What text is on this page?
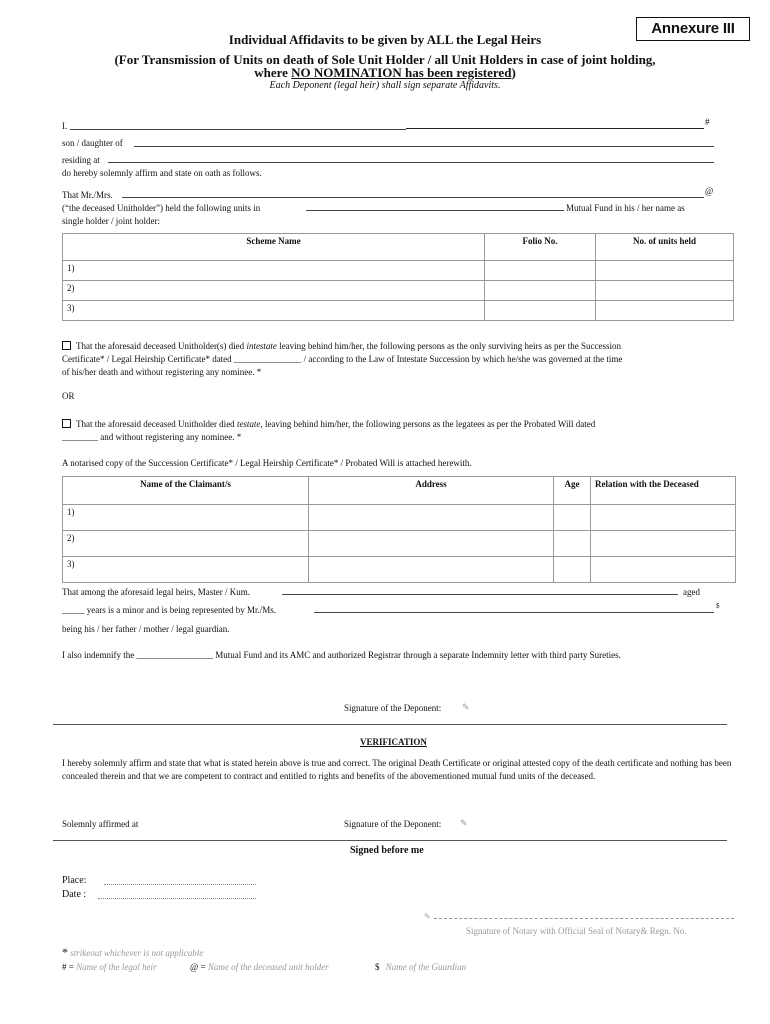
Annexure III
Individual Affidavits to be given by ALL the Legal Heirs
(For Transmission of Units on death of Sole Unit Holder / all Unit Holders in case of joint holding,
where NO NOMINATION has been registered)
Each Deponent (legal heir) shall sign separate Affidavits.
I.	#
son / daughter of
residing at
do hereby solemnly affirm and state on oath as follows.
That Mr./Mrs.	@
(“the deceased Unitholder”) held the following units in	Mutual Fund in his / her name as
single holder / joint holder:
Scheme Name	Folio No.	No. of units held
1)		
2)		
3)		
That the aforesaid deceased Unitholder(s) died intestate leaving behind him/her, the following persons as the only surviving heirs as per the Succession
Certificate* / Legal Heirship Certificate* dated _______________ / according to the Law of Intestate Succession by which he/she was governed at the time
of his/her death and without registering any nominee. *
OR
That the aforesaid deceased Unitholder died testate, leaving behind him/her, the following persons as the legatees as per the Probated Will dated
________ and without registering any nominee. *
A notarised copy of the Succession Certificate* / Legal Heirship Certificate* / Probated Will is attached herewith.
Name of the Claimant/s	Address	Age	Relation with the Deceased
1)			
2)			
3)			
That among the aforesaid legal heirs, Master / Kum.	aged
_____ years is a minor and is being represented by Mr./Ms.	$
being his / her father / mother / legal guardian.
I also indemnify the _________________ Mutual Fund and its AMC and authorized Registrar through a separate Indemnity letter with third party Sureties.
Signature of the Deponent: ✎
VERIFICATION
I hereby solemnly affirm and state that what is stated herein above is true and correct. The original Death Certificate or original attested copy of the death certificate and nothing has been concealed therein and that we are competent to contract and entitled to rights and benefits of the abovementioned mutual fund units of the deceased.
Solemnly affirmed at	Signature of the Deponent: ✎
Signed before me
Place:
Date :
✎
Signature of Notary with Official Seal of Notary& Regn. No.
* strikeout whichever is not applicable
# = Name of the legal heir	@ = Name of the deceased unit holder	$ Name of the Guardian
